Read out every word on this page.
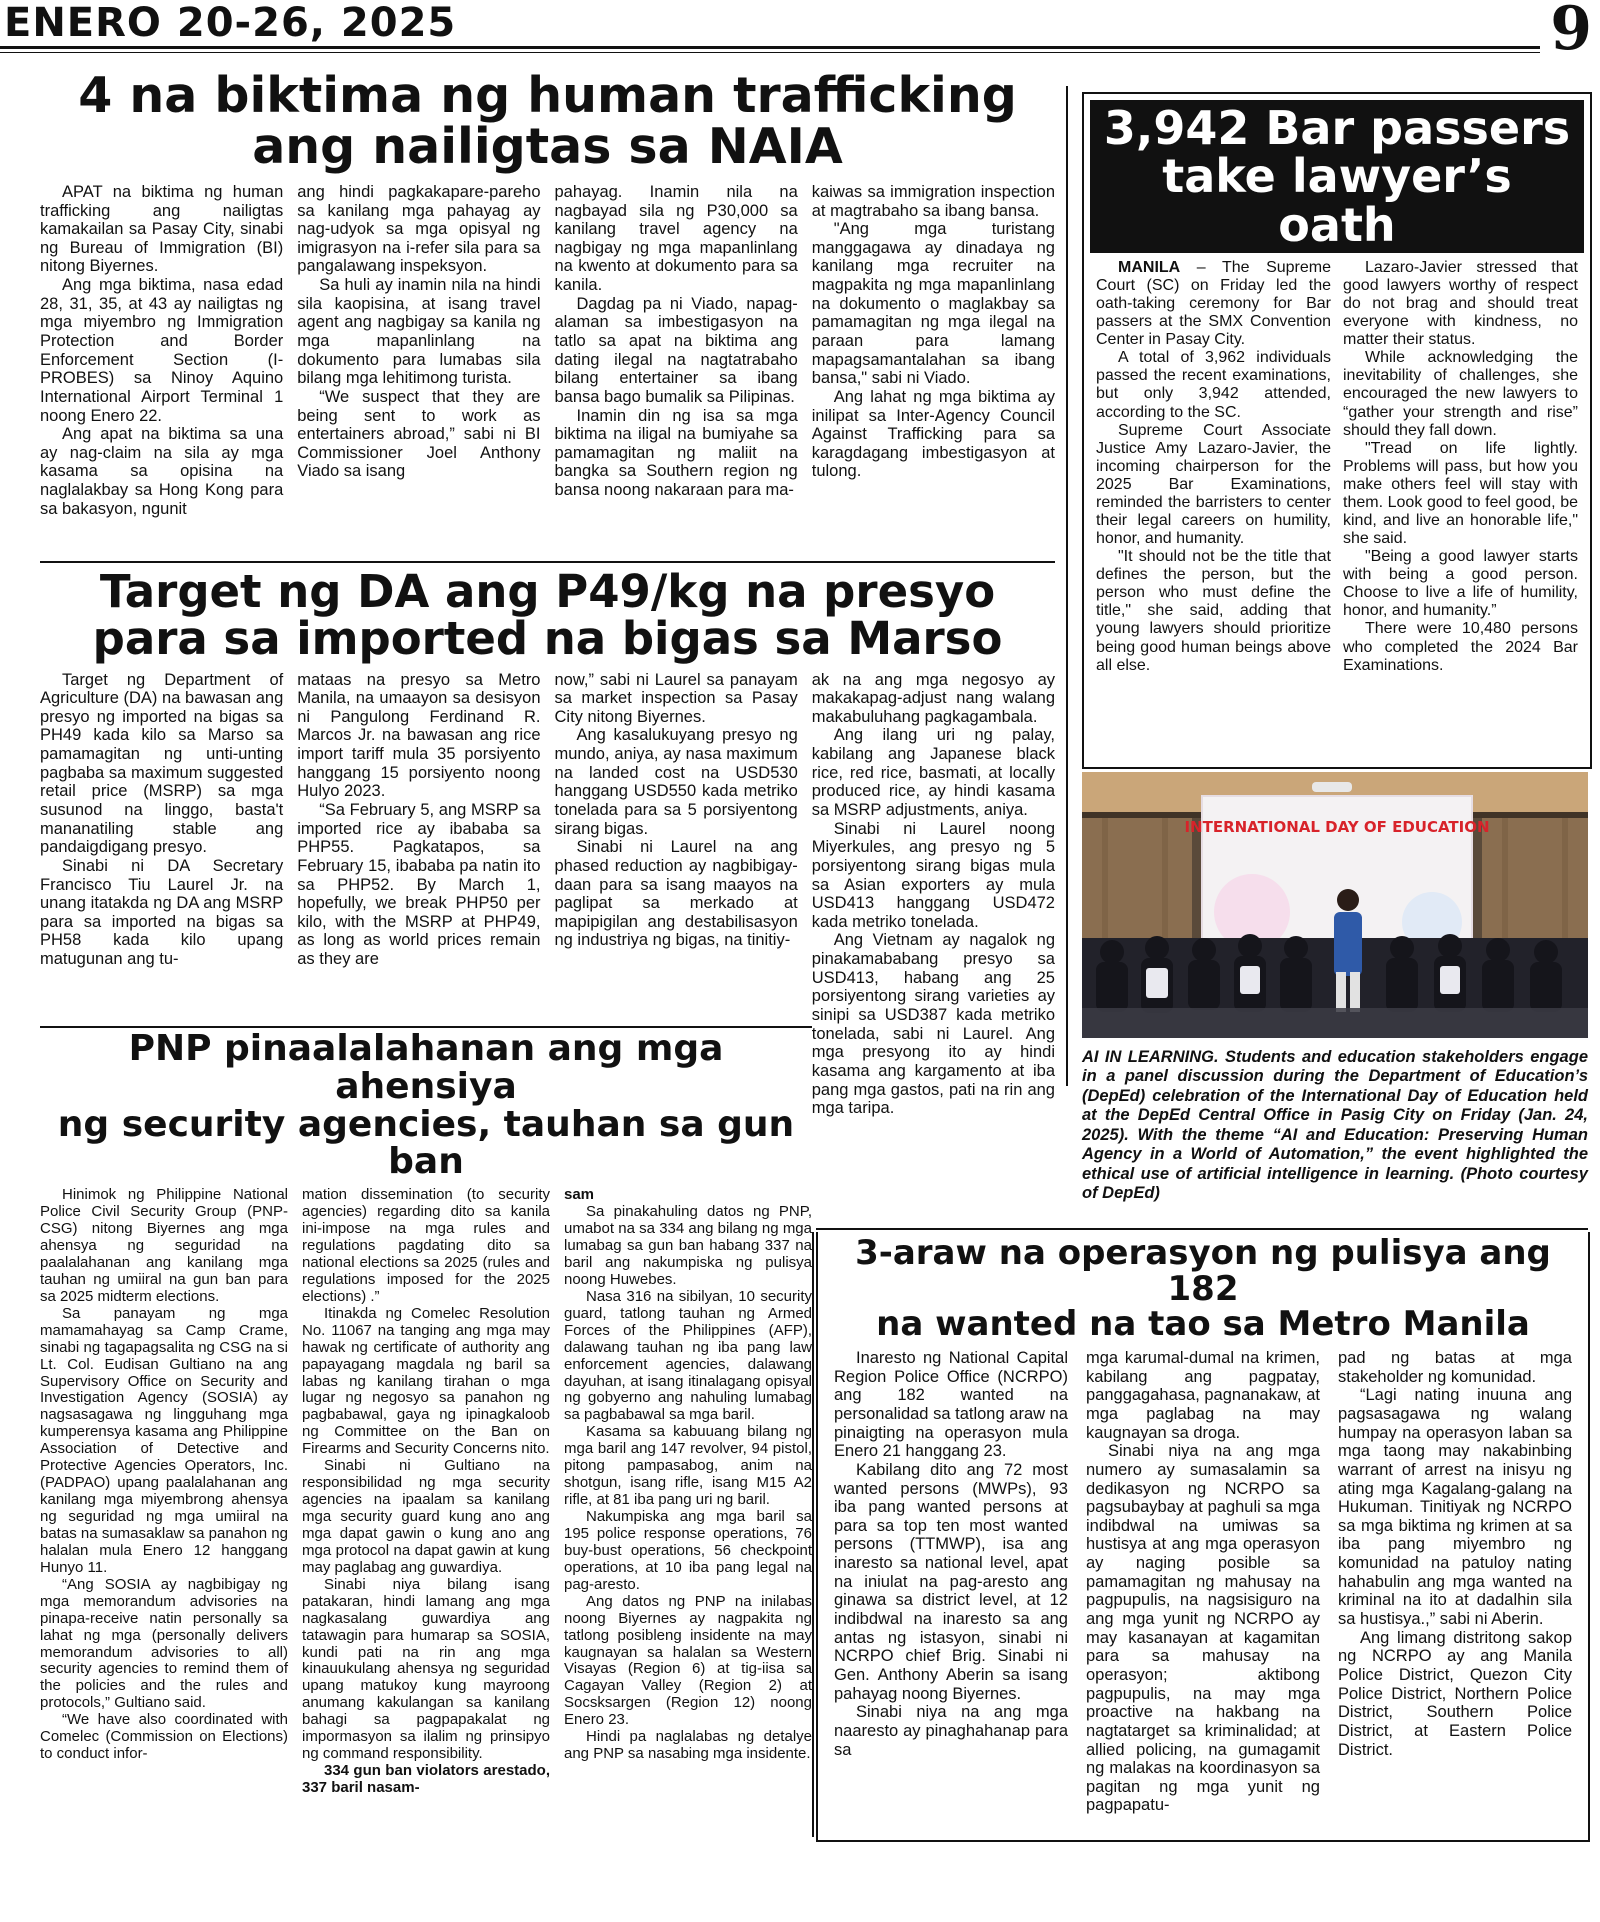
ENERO 20-26, 2025	9
4 na biktima ng human trafficking
ang nailigtas sa NAIA

APAT na biktima ng human trafficking ang nailigtas kamakailan sa Pasay City, sinabi ng Bureau of Immigration (BI) nitong Biyernes.

Ang mga biktima, nasa edad 28, 31, 35, at 43 ay nailigtas ng mga miyembro ng Immigration Protection and Border Enforcement Section (I-PROBES) sa Ninoy Aquino International Airport Terminal 1 noong Enero 22.

Ang apat na biktima sa una ay nag-claim na sila ay mga kasama sa opisina na naglalakbay sa Hong Kong para sa bakasyon, ngunit

ang hindi pagkakapare-pareho sa kanilang mga pahayag ay nag-udyok sa mga opisyal ng imigrasyon na i-refer sila para sa pangalawang inspeksyon.

Sa huli ay inamin nila na hindi sila kaopisina, at isang travel agent ang nagbigay sa kanila ng mga mapanlinlang na dokumento para lumabas sila bilang mga lehitimong turista.

“We suspect that they are being sent to work as entertainers abroad,” sabi ni BI Commissioner Joel Anthony Viado sa isang

pahayag. Inamin nila na nagbayad sila ng P30,000 sa kanilang travel agency na nagbigay ng mga mapanlinlang na kwento at dokumento para sa kanila.

Dagdag pa ni Viado, napag-alaman sa imbestigasyon na tatlo sa apat na biktima ang dating ilegal na nagtatrabaho bilang entertainer sa ibang bansa bago bumalik sa Pilipinas.

Inamin din ng isa sa mga biktima na iligal na bumiyahe sa pamamagitan ng maliit na bangka sa Southern region ng bansa noong nakaraan para ma-

kaiwas sa immigration inspection at magtrabaho sa ibang bansa.

"Ang mga turistang manggagawa ay dinadaya ng kanilang mga recruiter na magpakita ng mga mapanlinlang na dokumento o maglakbay sa pamamagitan ng mga ilegal na paraan para lamang mapagsamantalahan sa ibang bansa," sabi ni Viado.

Ang lahat ng mga biktima ay inilipat sa Inter-Agency Council Against Trafficking para sa karagdagang imbestigasyon at tulong.

Target ng DA ang P49/kg na presyo
para sa imported na bigas sa Marso

Target ng Department of Agriculture (DA) na bawasan ang presyo ng imported na bigas sa PH49 kada kilo sa Marso sa pamamagitan ng unti-unting pagbaba sa maximum suggested retail price (MSRP) sa mga susunod na linggo, basta't mananatiling stable ang pandaigdigang presyo.

Sinabi ni DA Secretary Francisco Tiu Laurel Jr. na unang itatakda ng DA ang MSRP para sa imported na bigas sa PH58 kada kilo upang matugunan ang tu-

mataas na presyo sa Metro Manila, na umaayon sa desisyon ni Pangulong Ferdinand R. Marcos Jr. na bawasan ang rice import tariff mula 35 porsiyento hanggang 15 porsiyento noong Hulyo 2023.

“Sa February 5, ang MSRP sa imported rice ay ibababa sa PHP55. Pagkatapos, sa February 15, ibababa pa natin ito sa PHP52. By March 1, hopefully, we break PHP50 per kilo, with the MSRP at PHP49, as long as world prices remain as they are

now,” sabi ni Laurel sa panayam sa market inspection sa Pasay City nitong Biyernes.

Ang kasalukuyang presyo ng mundo, aniya, ay nasa maximum na landed cost na USD530 hanggang USD550 kada metriko tonelada para sa 5 porsiyentong sirang bigas.

Sinabi ni Laurel na ang phased reduction ay nagbibigay-daan para sa isang maayos na paglipat sa merkado at mapipigilan ang destabilisasyon ng industriya ng bigas, na tinitiy-

ak na ang mga negosyo ay makakapag-adjust nang walang makabuluhang pagkagambala.

Ang ilang uri ng palay, kabilang ang Japanese black rice, red rice, basmati, at locally produced rice, ay hindi kasama sa MSRP adjustments, aniya.

Sinabi ni Laurel noong Miyerkules, ang presyo ng 5 porsiyentong sirang bigas mula sa Asian exporters ay mula USD413 hanggang USD472 kada metriko tonelada.

Ang Vietnam ay nagalok ng pinakamababang presyo sa USD413, habang ang 25 porsiyentong sirang varieties ay sinipi sa USD387 kada metriko tonelada, sabi ni Laurel. Ang mga presyong ito ay hindi kasama ang kargamento at iba pang mga gastos, pati na rin ang mga taripa.

PNP pinaalalahanan ang mga ahensiya
ng security agencies, tauhan sa gun ban

Hinimok ng Philippine National Police Civil Security Group (PNP-CSG) nitong Biyernes ang mga ahensya ng seguridad na paalalahanan ang kanilang mga tauhan ng umiiral na gun ban para sa 2025 midterm elections.

Sa panayam ng mga mamamahayag sa Camp Crame, sinabi ng tagapagsalita ng CSG na si Lt. Col. Eudisan Gultiano na ang Supervisory Office on Security and Investigation Agency (SOSIA) ay nagsasagawa ng lingguhang mga kumperensya kasama ang Philippine Association of Detective and Protective Agencies Operators, Inc. (PADPAO) upang paalalahanan ang kanilang mga miyembrong ahensya ng seguridad ng mga umiiral na batas na sumasaklaw sa panahon ng halalan mula Enero 12 hanggang Hunyo 11.

“Ang SOSIA ay nagbibigay ng mga memorandum advisories na pinapa-receive natin personally sa lahat ng mga (personally delivers memorandum advisories to all) security agencies to remind them of the policies and the rules and protocols,” Gultiano said.

“We have also coordinated with Comelec (Commission on Elections) to conduct infor-

mation dissemination (to security agencies) regarding dito sa kanila ini-impose na mga rules and regulations pagdating dito sa national elections sa 2025 (rules and regulations imposed for the 2025 elections) .”

Itinakda ng Comelec Resolution No. 11067 na tanging ang mga may hawak ng certificate of authority ang papayagang magdala ng baril sa labas ng kanilang tirahan o mga lugar ng negosyo sa panahon ng pagbabawal, gaya ng ipinagkaloob ng Committee on the Ban on Firearms and Security Concerns nito.

Sinabi ni Gultiano na responsibilidad ng mga security agencies na ipaalam sa kanilang mga security guard kung ano ang mga dapat gawin o kung ano ang mga protocol na dapat gawin at kung may paglabag ang guwardiya.

Sinabi niya bilang isang patakaran, hindi lamang ang mga nagkasalang guwardiya ang tatawagin para humarap sa SOSIA, kundi pati na rin ang mga kinauukulang ahensya ng seguridad upang matukoy kung mayroong anumang kakulangan sa kanilang bahagi sa pagpapakalat ng impormasyon sa ilalim ng prinsipyo ng command responsibility.

334 gun ban violators arestado, 337 baril nasam-

sam

Sa pinakahuling datos ng PNP, umabot na sa 334 ang bilang ng mga lumabag sa gun ban habang 337 na baril ang nakumpiska ng pulisya noong Huwebes.

Nasa 316 na sibilyan, 10 security guard, tatlong tauhan ng Armed Forces of the Philippines (AFP), dalawang tauhan ng iba pang law enforcement agencies, dalawang dayuhan, at isang itinalagang opisyal ng gobyerno ang nahuling lumabag sa pagbabawal sa mga baril.

Kasama sa kabuuang bilang ng mga baril ang 147 revolver, 94 pistol, pitong pampasabog, anim na shotgun, isang rifle, isang M15 A2 rifle, at 81 iba pang uri ng baril.

Nakumpiska ang mga baril sa 195 police response operations, 76 buy-bust operations, 56 checkpoint operations, at 10 iba pang legal na pag-aresto.

Ang datos ng PNP na inilabas noong Biyernes ay nagpakita ng tatlong posibleng insidente na may kaugnayan sa halalan sa Western Visayas (Region 6) at tig-iisa sa Cagayan Valley (Region 2) at Socsksargen (Region 12) noong Enero 23.

Hindi pa naglalabas ng detalye ang PNP sa nasabing mga insidente.

3,942 Bar passers
take lawyer’s oath

MANILA – The Supreme Court (SC) on Friday led the oath-taking ceremony for Bar passers at the SMX Convention Center in Pasay City.

A total of 3,962 individuals passed the recent examinations, but only 3,942 attended, according to the SC.

Supreme Court Associate Justice Amy Lazaro-Javier, the incoming chairperson for the 2025 Bar Examinations, reminded the barristers to center their legal careers on humility, honor, and humanity.

"It should not be the title that defines the person, but the person who must define the title," she said, adding that young lawyers should prioritize being good human beings above all else.

Lazaro-Javier stressed that good lawyers worthy of respect do not brag and should treat everyone with kindness, no matter their status.

While acknowledging the inevitability of challenges, she encouraged the new lawyers to “gather your strength and rise” should they fall down.

"Tread on life lightly. Problems will pass, but how you make others feel will stay with them. Look good to feel good, be kind, and live an honorable life," she said.

"Being a good lawyer starts with being a good person. Choose to live a life of humility, honor, and humanity.”

There were 10,480 persons who completed the 2024 Bar Examinations.

INTERNATIONAL DAY OF EDUCATION
AI IN LEARNING. Students and education stakeholders engage in a panel discussion during the Department of Education’s (DepEd) celebration of the International Day of Education held at the DepEd Central Office in Pasig City on Friday (Jan. 24, 2025). With the theme “AI and Education: Preserving Human Agency in a World of Automation,” the event highlighted the ethical use of artificial intelligence in learning. (Photo courtesy of DepEd)
3-araw na operasyon ng pulisya ang 182
na wanted na tao sa Metro Manila

Inaresto ng National Capital Region Police Office (NCRPO) ang 182 wanted na personalidad sa tatlong araw na pinaigting na operasyon mula Enero 21 hanggang 23.

Kabilang dito ang 72 most wanted persons (MWPs), 93 iba pang wanted persons at para sa top ten most wanted persons (TTMWP), isa ang inaresto sa national level, apat na iniulat na pag-aresto ang ginawa sa district level, at 12 indibdwal na inaresto sa ang antas ng istasyon, sinabi ni NCRPO chief Brig. Sinabi ni Gen. Anthony Aberin sa isang pahayag noong Biyernes.

Sinabi niya na ang mga naaresto ay pinaghahanap para sa

mga karumal-dumal na krimen, kabilang ang pagpatay, panggagahasa, pagnanakaw, at mga paglabag na may kaugnayan sa droga.

Sinabi niya na ang mga numero ay sumasalamin sa dedikasyon ng NCRPO sa pagsubaybay at paghuli sa mga indibdwal na umiwas sa hustisya at ang mga operasyon ay naging posible sa pamamagitan ng mahusay na pagpupulis, na nagsisiguro na ang mga yunit ng NCRPO ay may kasanayan at kagamitan para sa mahusay na operasyon; aktibong pagpupulis, na may mga proactive na hakbang na nagtatarget sa kriminalidad; at allied policing, na gumagamit ng malakas na koordinasyon sa pagitan ng mga yunit ng pagpapatu-

pad ng batas at mga stakeholder ng komunidad.

“Lagi nating inuuna ang pagsasagawa ng walang humpay na operasyon laban sa mga taong may nakabinbing warrant of arrest na inisyu ng ating mga Kagalang-galang na Hukuman. Tinitiyak ng NCRPO sa mga biktima ng krimen at sa iba pang miyembro ng komunidad na patuloy nating hahabulin ang mga wanted na kriminal na ito at dadalhin sila sa hustisya.,” sabi ni Aberin.

Ang limang distritong sakop ng NCRPO ay ang Manila Police District, Quezon City Police District, Northern Police District, Southern Police District, at Eastern Police District.
